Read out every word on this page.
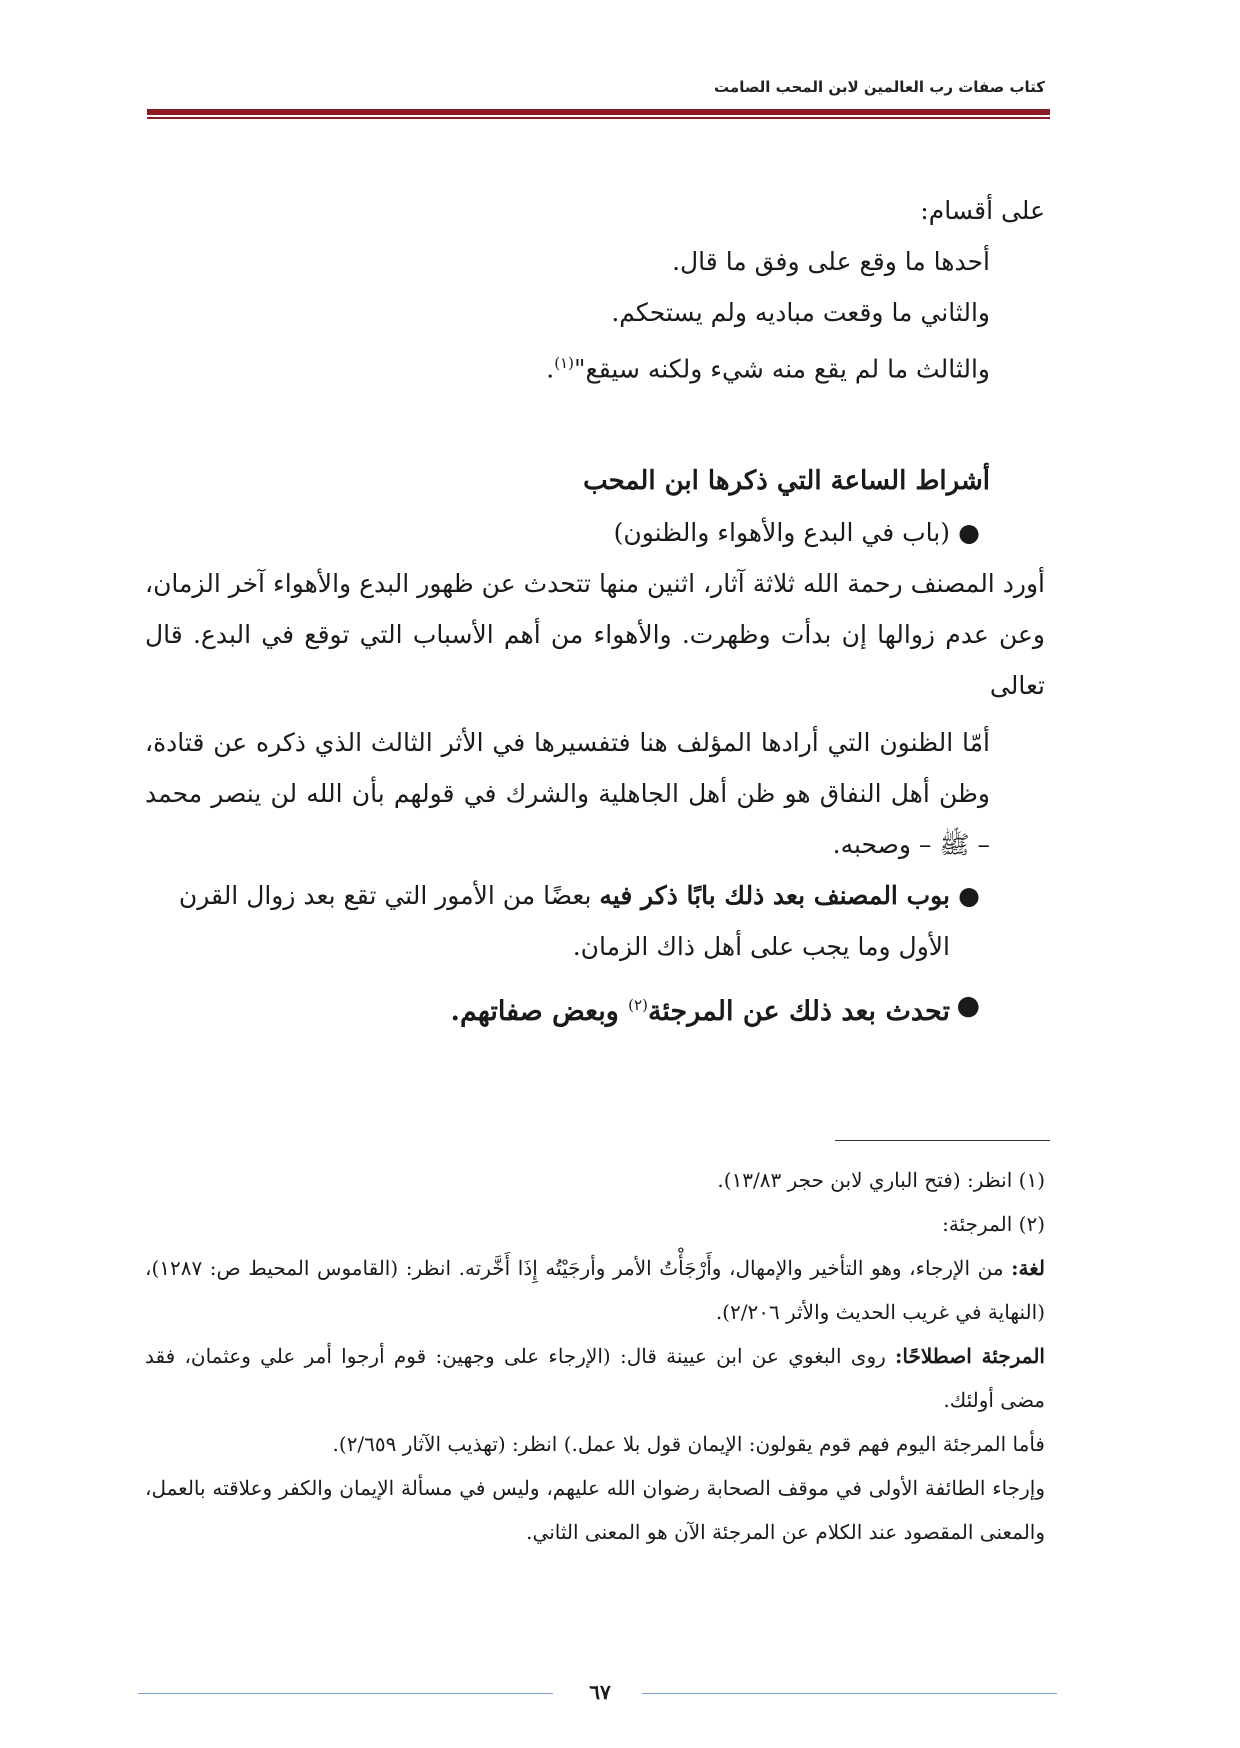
كتاب صفات رب العالمين لابن المحب الصامت
على أقسام:
أحدها ما وقع على وفق ما قال.
والثاني ما وقعت مباديه ولم يستحكم.
والثالث ما لم يقع منه شيء ولكنه سيقع"$^{(١)}$.
أشراط الساعة التي ذكرها ابن المحب
●
(باب في البدع والأهواء والظنون)
أورد المصنف رحمة الله ثلاثة آثار، اثنين منها تتحدث عن ظهور البدع والأهواء آخر الزمان، وعن عدم زوالها إن بدأت وظهرت. والأهواء من أهم الأسباب التي توقع في البدع. قال تعالى
أمّا الظنون التي أرادها المؤلف هنا فتفسيرها في الأثر الثالث الذي ذكره عن قتادة، وظن أهل النفاق هو ظن أهل الجاهلية والشرك في قولهم بأن الله لن ينصر محمد – ﷺ – وصحبه.
●
بوب المصنف بعد ذلك بابًا ذكر فيه بعضًا من الأمور التي تقع بعد زوال القرن الأول وما يجب على أهل ذاك الزمان.
●
تحدث بعد ذلك عن المرجئة$^{(٢)}$ وبعض صفاتهم.
(١) انظر: (فتح الباري لابن حجر ١٣/٨٣).
(٢) المرجئة:
لغة: من الإرجاء، وهو التأخير والإمهال، وأَرْجَأْتُ الأمر وأرجَيْتُه إِذَا أَخَّرته. انظر: (القاموس المحيط ص: ١٢٨٧)، (النهاية في غريب الحديث والأثر ٢/٢٠٦).
المرجئة اصطلاحًا: روى البغوي عن ابن عيينة قال: (الإرجاء على وجهين: قوم أرجوا أمر علي وعثمان، فقد مضى أولئك.
فأما المرجئة اليوم فهم قوم يقولون: الإيمان قول بلا عمل.) انظر: (تهذيب الآثار ٢/٦٥٩).
وإرجاء الطائفة الأولى في موقف الصحابة رضوان الله عليهم، وليس في مسألة الإيمان والكفر وعلاقته بالعمل، والمعنى المقصود عند الكلام عن المرجئة الآن هو المعنى الثاني.
٦٧
